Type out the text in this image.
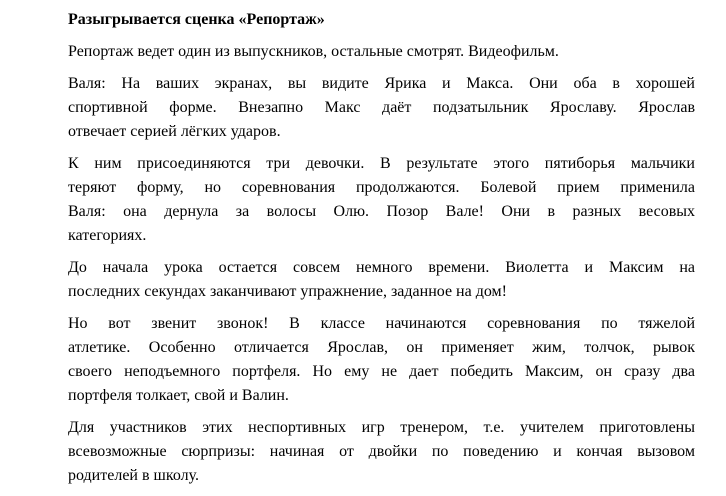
Разыгрывается сценка «Репортаж»
Репортаж ведет один из выпускников, остальные смотрят. Видеофильм.
Валя: На ваших экранах, вы видите Ярика и Макса. Они оба в хорошей
спортивной форме. Внезапно Макс даёт подзатыльник Ярославу. Ярослав
отвечает серией лёгких ударов.
К ним присоединяются три девочки. В результате этого пятиборья мальчики
теряют форму, но соревнования продолжаются. Болевой прием применила
Валя: она дернула за волосы Олю. Позор Вале! Они в разных весовых
категориях.
До начала урока остается совсем немного времени. Виолетта и Максим на
последних секундах заканчивают упражнение, заданное на дом!
Но вот звенит звонок! В классе начинаются соревнования по тяжелой
атлетике. Особенно отличается Ярослав, он применяет жим, толчок, рывок
своего неподъемного портфеля. Но ему не дает победить Максим, он сразу два
портфеля толкает, свой и Валин.
Для участников этих неспортивных игр тренером, т.е. учителем приготовлены
всевозможные сюрпризы: начиная от двойки по поведению и кончая вызовом
родителей в школу.
